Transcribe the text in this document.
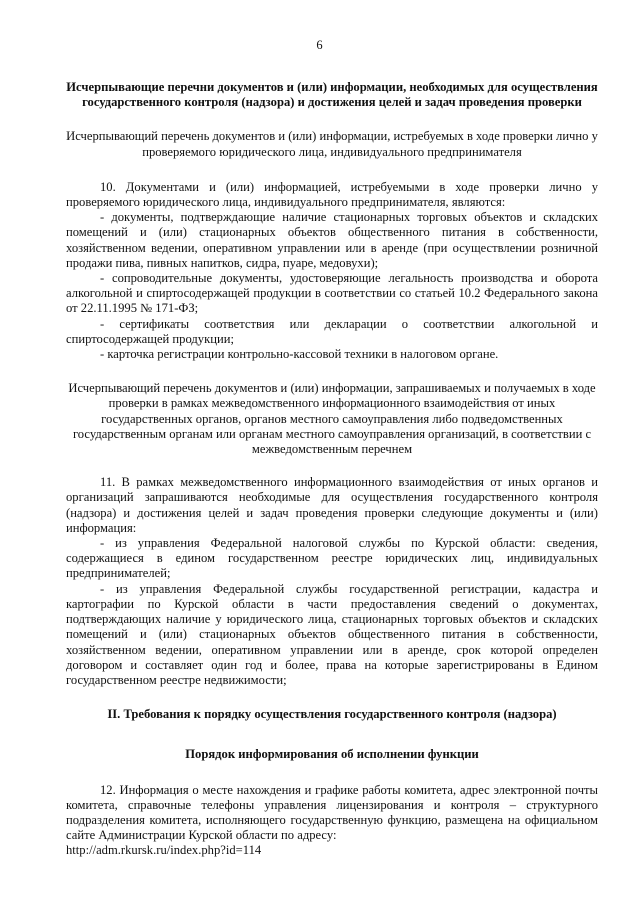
6

Исчерпывающие перечни документов и (или) информации, необходимых для осуществления государственного контроля (надзора) и достижения целей и задач проведения проверки

Исчерпывающий перечень документов и (или) информации, истребуемых в ходе проверки лично у проверяемого юридического лица, индивидуального предпринимателя

10. Документами и (или) информацией, истребуемыми в ходе проверки лично у проверяемого юридического лица, индивидуального предпринимателя, являются:

- документы, подтверждающие наличие стационарных торговых объектов и складских помещений и (или) стационарных объектов общественного питания в собственности, хозяйственном ведении, оперативном управлении или в аренде (при осуществлении розничной продажи пива, пивных напитков, сидра, пуаре, медовухи);

- сопроводительные документы, удостоверяющие легальность производства и оборота алкогольной и спиртосодержащей продукции в соответствии со статьей 10.2 Федерального закона от 22.11.1995 № 171-ФЗ;

- сертификаты соответствия или декларации о соответствии алкогольной и спиртосодержащей продукции;

- карточка регистрации контрольно-кассовой техники в налоговом органе.

Исчерпывающий перечень документов и (или) информации, запрашиваемых и получаемых в ходе проверки в рамках межведомственного информационного взаимодействия от иных государственных органов, органов местного самоуправления либо подведомственных государственным органам или органам местного самоуправления организаций, в соответствии с межведомственным перечнем

11. В рамках межведомственного информационного взаимодействия от иных органов и организаций запрашиваются необходимые для осуществления государственного контроля (надзора) и достижения целей и задач проведения проверки следующие документы и (или) информация:

- из управления Федеральной налоговой службы по Курской области: сведения, содержащиеся в едином государственном реестре юридических лиц, индивидуальных предпринимателей;

- из управления Федеральной службы государственной регистрации, кадастра и картографии по Курской области в части предоставления сведений о документах, подтверждающих наличие у юридического лица, стационарных торговых объектов и складских помещений и (или) стационарных объектов общественного питания в собственности, хозяйственном ведении, оперативном управлении или в аренде, срок которой определен договором и составляет один год и более, права на которые зарегистрированы в Едином государственном реестре недвижимости;

II. Требования к порядку осуществления государственного контроля (надзора)

Порядок информирования об исполнении функции

12. Информация о месте нахождения и графике работы комитета, адрес электронной почты комитета, справочные телефоны управления лицензирования и контроля – структурного подразделения комитета, исполняющего государственную функцию, размещена на официальном сайте Администрации Курской области по адресу:

http://adm.rkursk.ru/index.php?id=114
